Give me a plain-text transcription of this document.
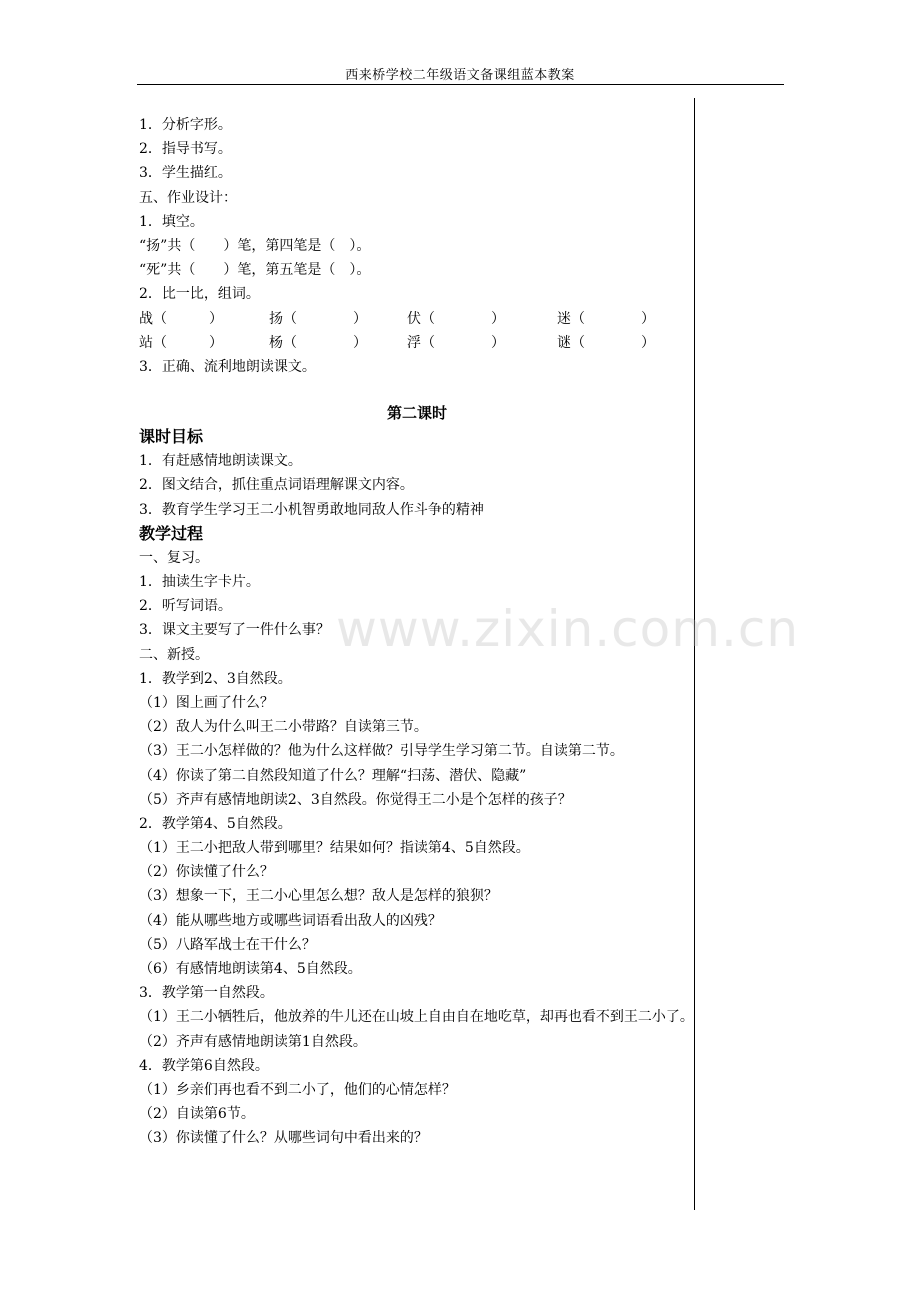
西来桥学校二年级语文备课组蓝本教案
1．分析字形。
2．指导书写。
3．学生描红。
五、作业设计：
1．填空。
“扬”共（　　）笔，第四笔是（　）。
“死”共（　　）笔，第五笔是（　）。
2．比一比，组词。
战（　　　）	扬（　　　　）	伏（　　　　）	迷（　　　　）
站（　　　）	杨（　　　　）	浮（　　　　）	谜（　　　　）
3．正确、流利地朗读课文。
第二课时
课时目标
1．有赶感情地朗读课文。
2．图文结合，抓住重点词语理解课文内容。
3．教育学生学习王二小机智勇敢地同敌人作斗争的精神
教学过程
一、复习。
1．抽读生字卡片。
2．听写词语。
3．课文主要写了一件什么事？
二、新授。
1．教学到2、3自然段。
（1）图上画了什么？
（2）敌人为什么叫王二小带路？自读第三节。
（3）王二小怎样做的？他为什么这样做？引导学生学习第二节。自读第二节。
（4）你读了第二自然段知道了什么？理解“扫荡、潜伏、隐藏”
（5）齐声有感情地朗读2、3自然段。你觉得王二小是个怎样的孩子？
2．教学第4、5自然段。
（1）王二小把敌人带到哪里？结果如何？指读第4、5自然段。
（2）你读懂了什么？
（3）想象一下，王二小心里怎么想？敌人是怎样的狼狈？
（4）能从哪些地方或哪些词语看出敌人的凶残？
（5）八路军战士在干什么？
（6）有感情地朗读第4、5自然段。
3．教学第一自然段。
（1）王二小牺牲后，他放养的牛儿还在山坡上自由自在地吃草，却再也看不到王二小了。
（2）齐声有感情地朗读第1自然段。
4．教学第6自然段。
（1）乡亲们再也看不到二小了，他们的心情怎样？
（2）自读第6节。
（3）你读懂了什么？从哪些词句中看出来的？
www.zixin.com.cn
